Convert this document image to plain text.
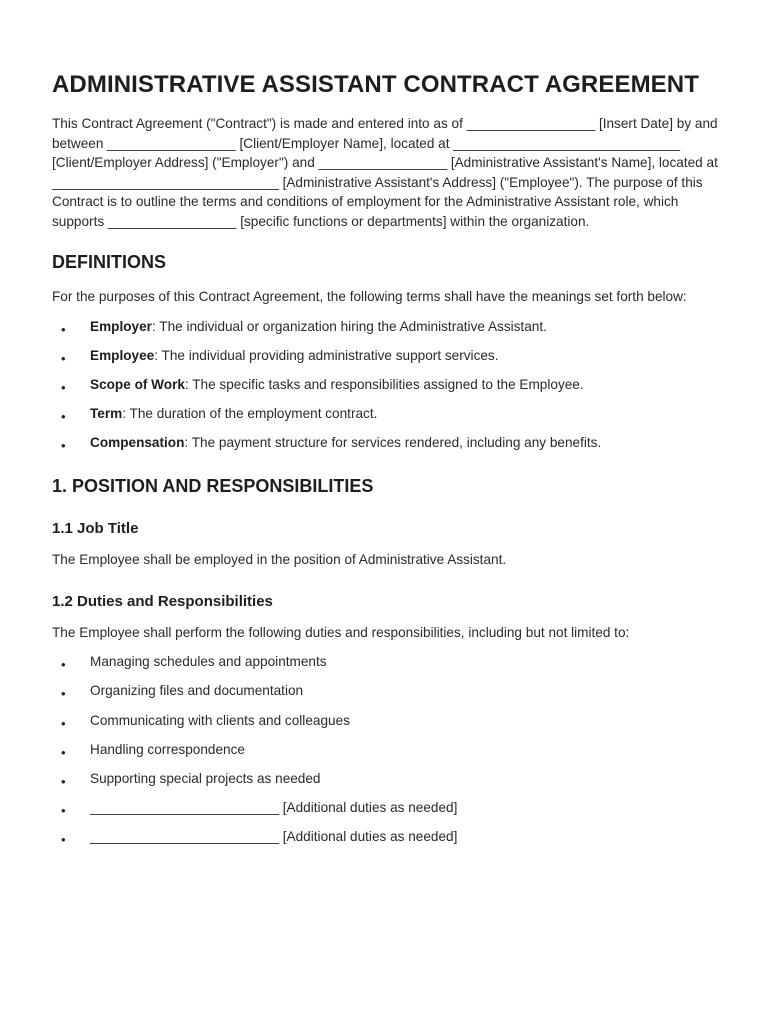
ADMINISTRATIVE ASSISTANT CONTRACT AGREEMENT

This Contract Agreement ("Contract") is made and entered into as of _________________ [Insert Date] by and between _________________ [Client/Employer Name], located at ______________________________ [Client/Employer Address] ("Employer") and _________________ [Administrative Assistant's Name], located at ______________________________ [Administrative Assistant's Address] ("Employee"). The purpose of this Contract is to outline the terms and conditions of employment for the Administrative Assistant role, which supports _________________ [specific functions or departments] within the organization.

DEFINITIONS

For the purposes of this Contract Agreement, the following terms shall have the meanings set forth below:

• Employer: The individual or organization hiring the Administrative Assistant.
• Employee: The individual providing administrative support services.
• Scope of Work: The specific tasks and responsibilities assigned to the Employee.
• Term: The duration of the employment contract.
• Compensation: The payment structure for services rendered, including any benefits.
1. POSITION AND RESPONSIBILITIES
1.1 Job Title

The Employee shall be employed in the position of Administrative Assistant.

1.2 Duties and Responsibilities

The Employee shall perform the following duties and responsibilities, including but not limited to:

• Managing schedules and appointments
• Organizing files and documentation
• Communicating with clients and colleagues
• Handling correspondence
• Supporting special projects as needed
• _________________________ [Additional duties as needed]
• _________________________ [Additional duties as needed]
